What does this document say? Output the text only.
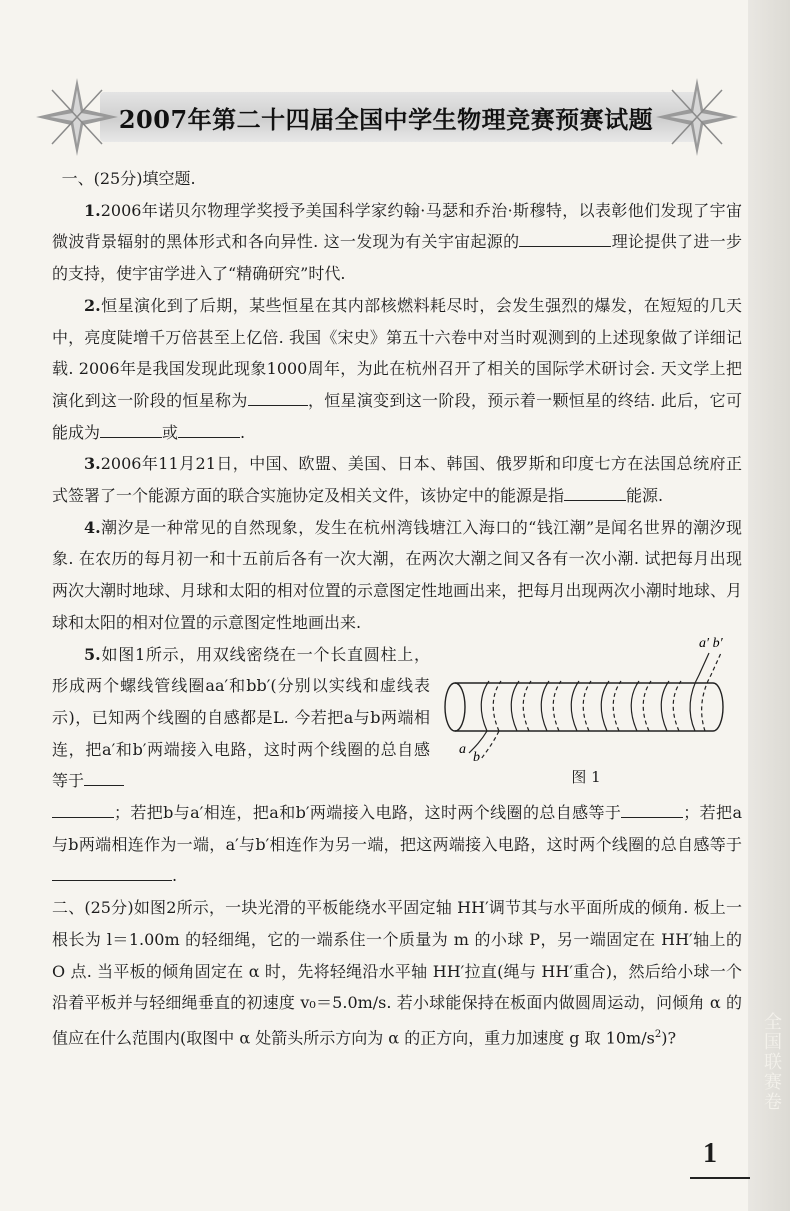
全国联赛卷
2007年第二十四届全国中学生物理竞赛预赛试题

一、(25分)填空题.

1.2006年诺贝尔物理学奖授予美国科学家约翰·马瑟和乔治·斯穆特，以表彰他们发现了宇宙微波背景辐射的黑体形式和各向异性. 这一发现为有关宇宙起源的	理论提供了进一步的支持，使宇宙学进入了“精确研究”时代.

2.恒星演化到了后期，某些恒星在其内部核燃料耗尽时，会发生强烈的爆发，在短短的几天中，亮度陡增千万倍甚至上亿倍. 我国《宋史》第五十六卷中对当时观测到的上述现象做了详细记载. 2006年是我国发现此现象1000周年，为此在杭州召开了相关的国际学术研讨会. 天文学上把演化到这一阶段的恒星称为	，恒星演变到这一阶段，预示着一颗恒星的终结. 此后，它可能成为	或	.

3.2006年11月21日，中国、欧盟、美国、日本、韩国、俄罗斯和印度七方在法国总统府正式签署了一个能源方面的联合实施协定及相关文件，该协定中的能源是指	能源.

4.潮汐是一种常见的自然现象，发生在杭州湾钱塘江入海口的“钱江潮”是闻名世界的潮汐现象. 在农历的每月初一和十五前后各有一次大潮，在两次大潮之间又各有一次小潮. 试把每月出现两次大潮时地球、月球和太阳的相对位置的示意图定性地画出来，把每月出现两次小潮时地球、月球和太阳的相对位置的示意图定性地画出来.

5.如图1所示，用双线密绕在一个长直圆柱上，形成两个螺线管线圈aa′和bb′(分别以实线和虚线表示)，已知两个线圈的自感都是L. 今若把a与b两端相连，把a′和b′两端接入电路，这时两个线圈的总自感等于

a′ b′
a
b
图 1

；若把b与a′相连，把a和b′两端接入电路，这时两个线圈的总自感等于	；若把a与b两端相连作为一端，a′与b′相连作为另一端，把这两端接入电路，这时两个线圈的总自感等于.

二、(25分)如图2所示，一块光滑的平板能绕水平固定轴 HH′调节其与水平面所成的倾角. 板上一根长为 l＝1.00m 的轻细绳，它的一端系住一个质量为 m 的小球 P，另一端固定在 HH′轴上的 O 点. 当平板的倾角固定在 α 时，先将轻绳沿水平轴 HH′拉直(绳与 HH′重合)，然后给小球一个沿着平板并与轻细绳垂直的初速度 v₀＝5.0m/s. 若小球能保持在板面内做圆周运动，问倾角 α 的值应在什么范围内(取图中 α 处箭头所示方向为 α 的正方向，重力加速度 g 取 $10m/s^2$)?

1
